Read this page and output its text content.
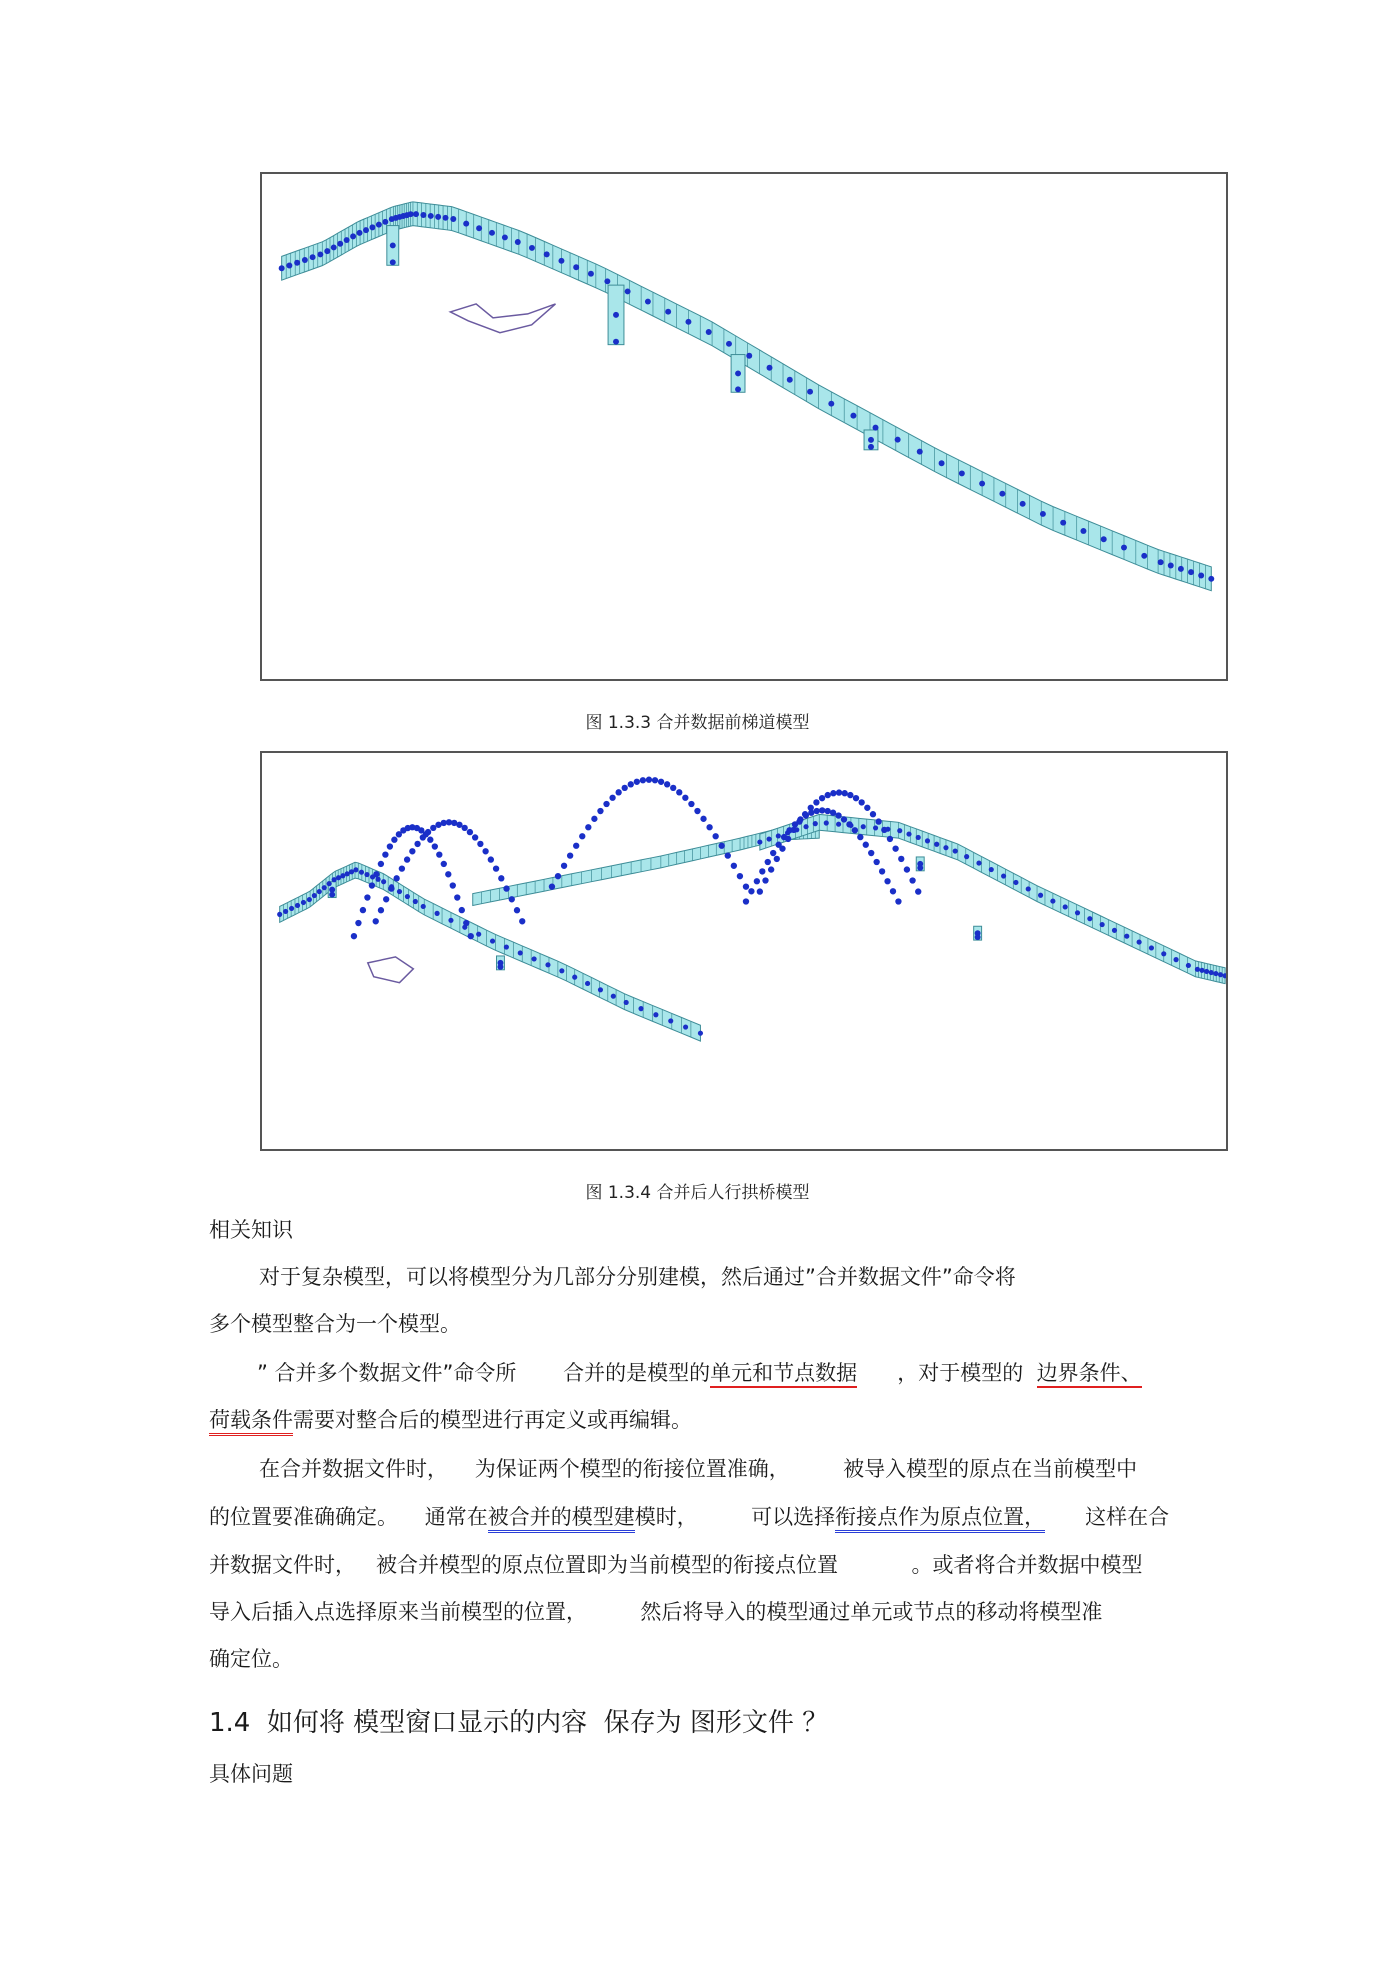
图 1.3.3 合并数据前梯道模型
图 1.3.4 合并后人行拱桥模型
相关知识
对于复杂模型，可以将模型分为几部分分别建模，然后通过”合并数据文件”命令将
多个模型整合为一个模型。
” 合并多个数据文件”命令所       合并的是模型的单元和节点数据      ，对于模型的  边界条件、
荷载条件需要对整合后的模型进行再定义或再编辑。
在合并数据文件时，    为保证两个模型的衔接位置准确，        被导入模型的原点在当前模型中
的位置要准确确定。    通常在被合并的模型建模时，        可以选择衔接点作为原点位置，      这样在合
并数据文件时，   被合并模型的原点位置即为当前模型的衔接点位置           。或者将合并数据中模型
导入后插入点选择原来当前模型的位置，        然后将导入的模型通过单元或节点的移动将模型准
确定位。
1.4  如何将 模型窗口显示的内容  保存为 图形文件 ？
具体问题
